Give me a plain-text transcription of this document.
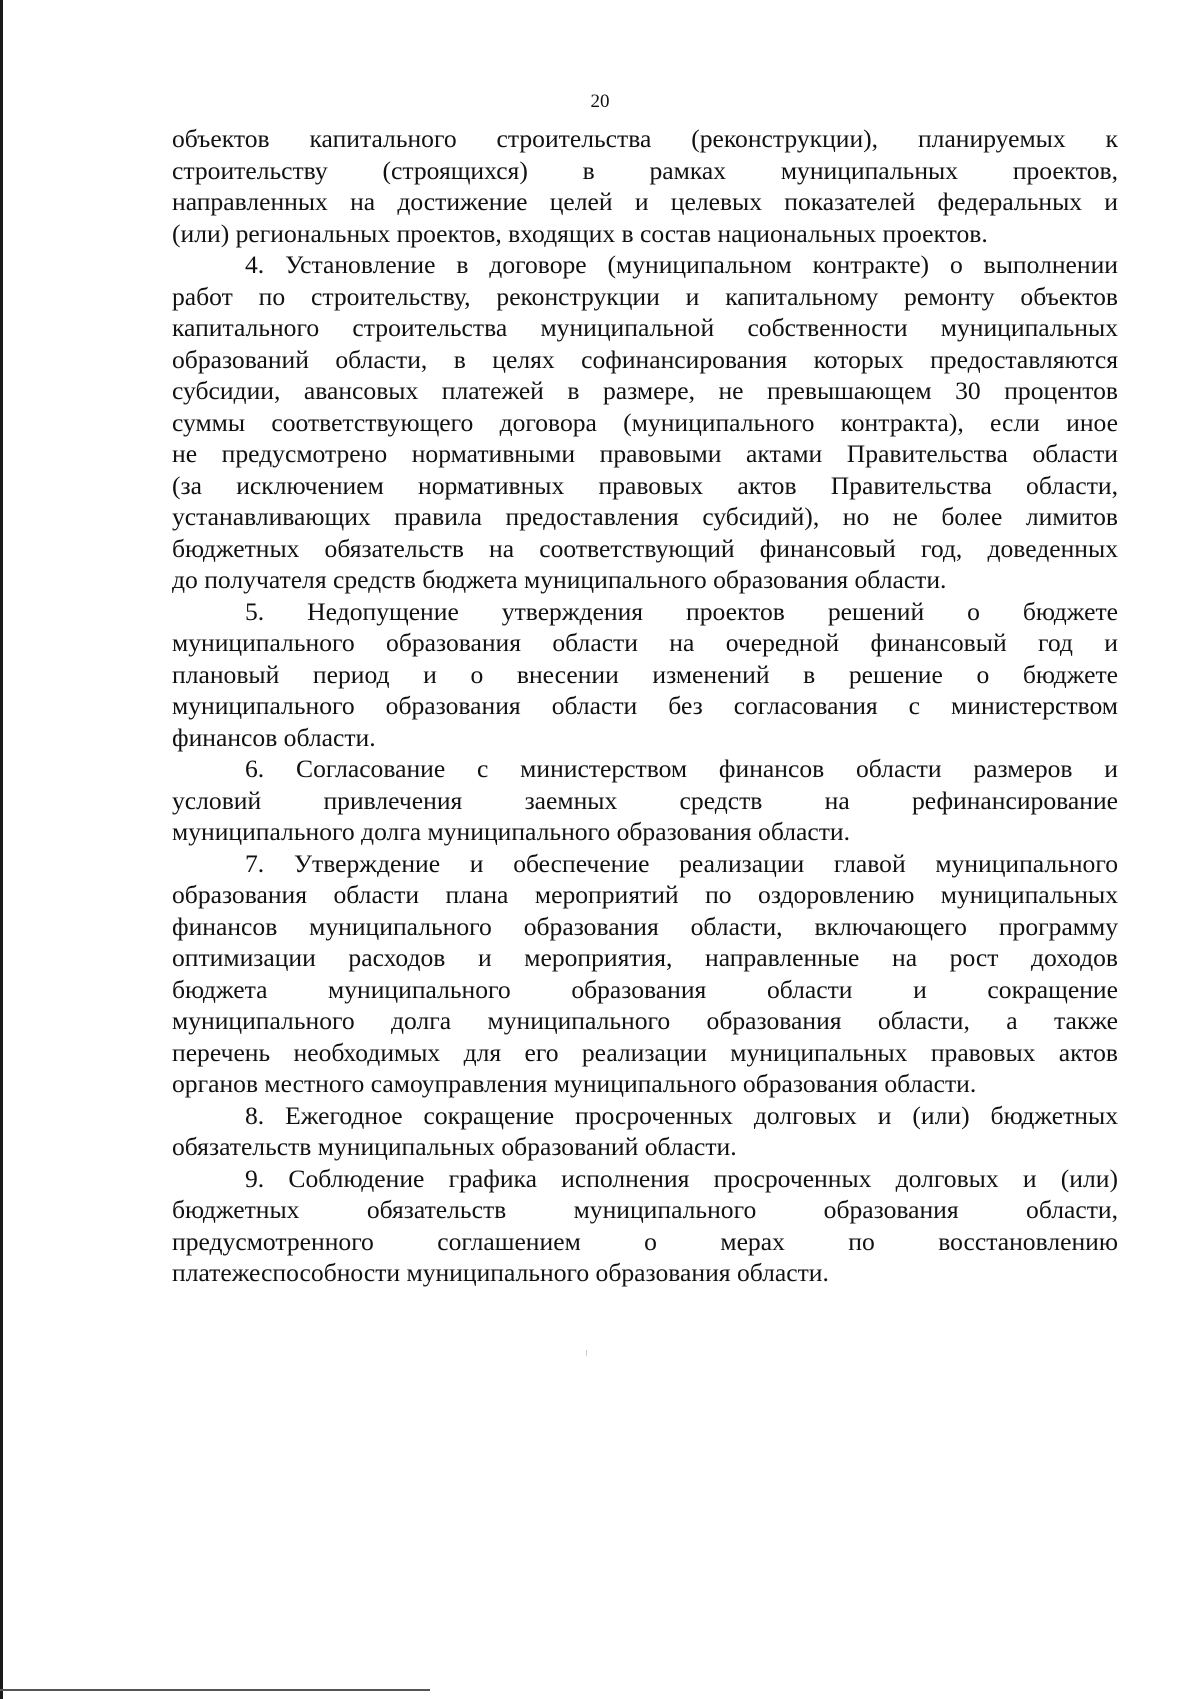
20
объектов капитального строительства (реконструкции), планируемых к
строительству (строящихся) в рамках муниципальных проектов,
направленных на достижение целей и целевых показателей федеральных и
(или) региональных проектов, входящих в состав национальных проектов.
4. Установление в договоре (муниципальном контракте) о выполнении
работ по строительству, реконструкции и капитальному ремонту объектов
капитального строительства муниципальной собственности муниципальных
образований области, в целях софинансирования которых предоставляются
субсидии, авансовых платежей в размере, не превышающем 30 процентов
суммы соответствующего договора (муниципального контракта), если иное
не предусмотрено нормативными правовыми актами Правительства области
(за исключением нормативных правовых актов Правительства области,
устанавливающих правила предоставления субсидий), но не более лимитов
бюджетных обязательств на соответствующий финансовый год, доведенных
до получателя средств бюджета муниципального образования области.
5. Недопущение утверждения проектов решений о бюджете
муниципального образования области на очередной финансовый год и
плановый период и о внесении изменений в решение о бюджете
муниципального образования области без согласования с министерством
финансов области.
6. Согласование с министерством финансов области размеров и
условий привлечения заемных средств на рефинансирование
муниципального долга муниципального образования области.
7. Утверждение и обеспечение реализации главой муниципального
образования области плана мероприятий по оздоровлению муниципальных
финансов муниципального образования области, включающего программу
оптимизации расходов и мероприятия, направленные на рост доходов
бюджета муниципального образования области и сокращение
муниципального долга муниципального образования области, а также
перечень необходимых для его реализации муниципальных правовых актов
органов местного самоуправления муниципального образования области.
8. Ежегодное сокращение просроченных долговых и (или) бюджетных
обязательств муниципальных образований области.
9. Соблюдение графика исполнения просроченных долговых и (или)
бюджетных обязательств муниципального образования области,
предусмотренного соглашением о мерах по восстановлению
платежеспособности муниципального образования области.
